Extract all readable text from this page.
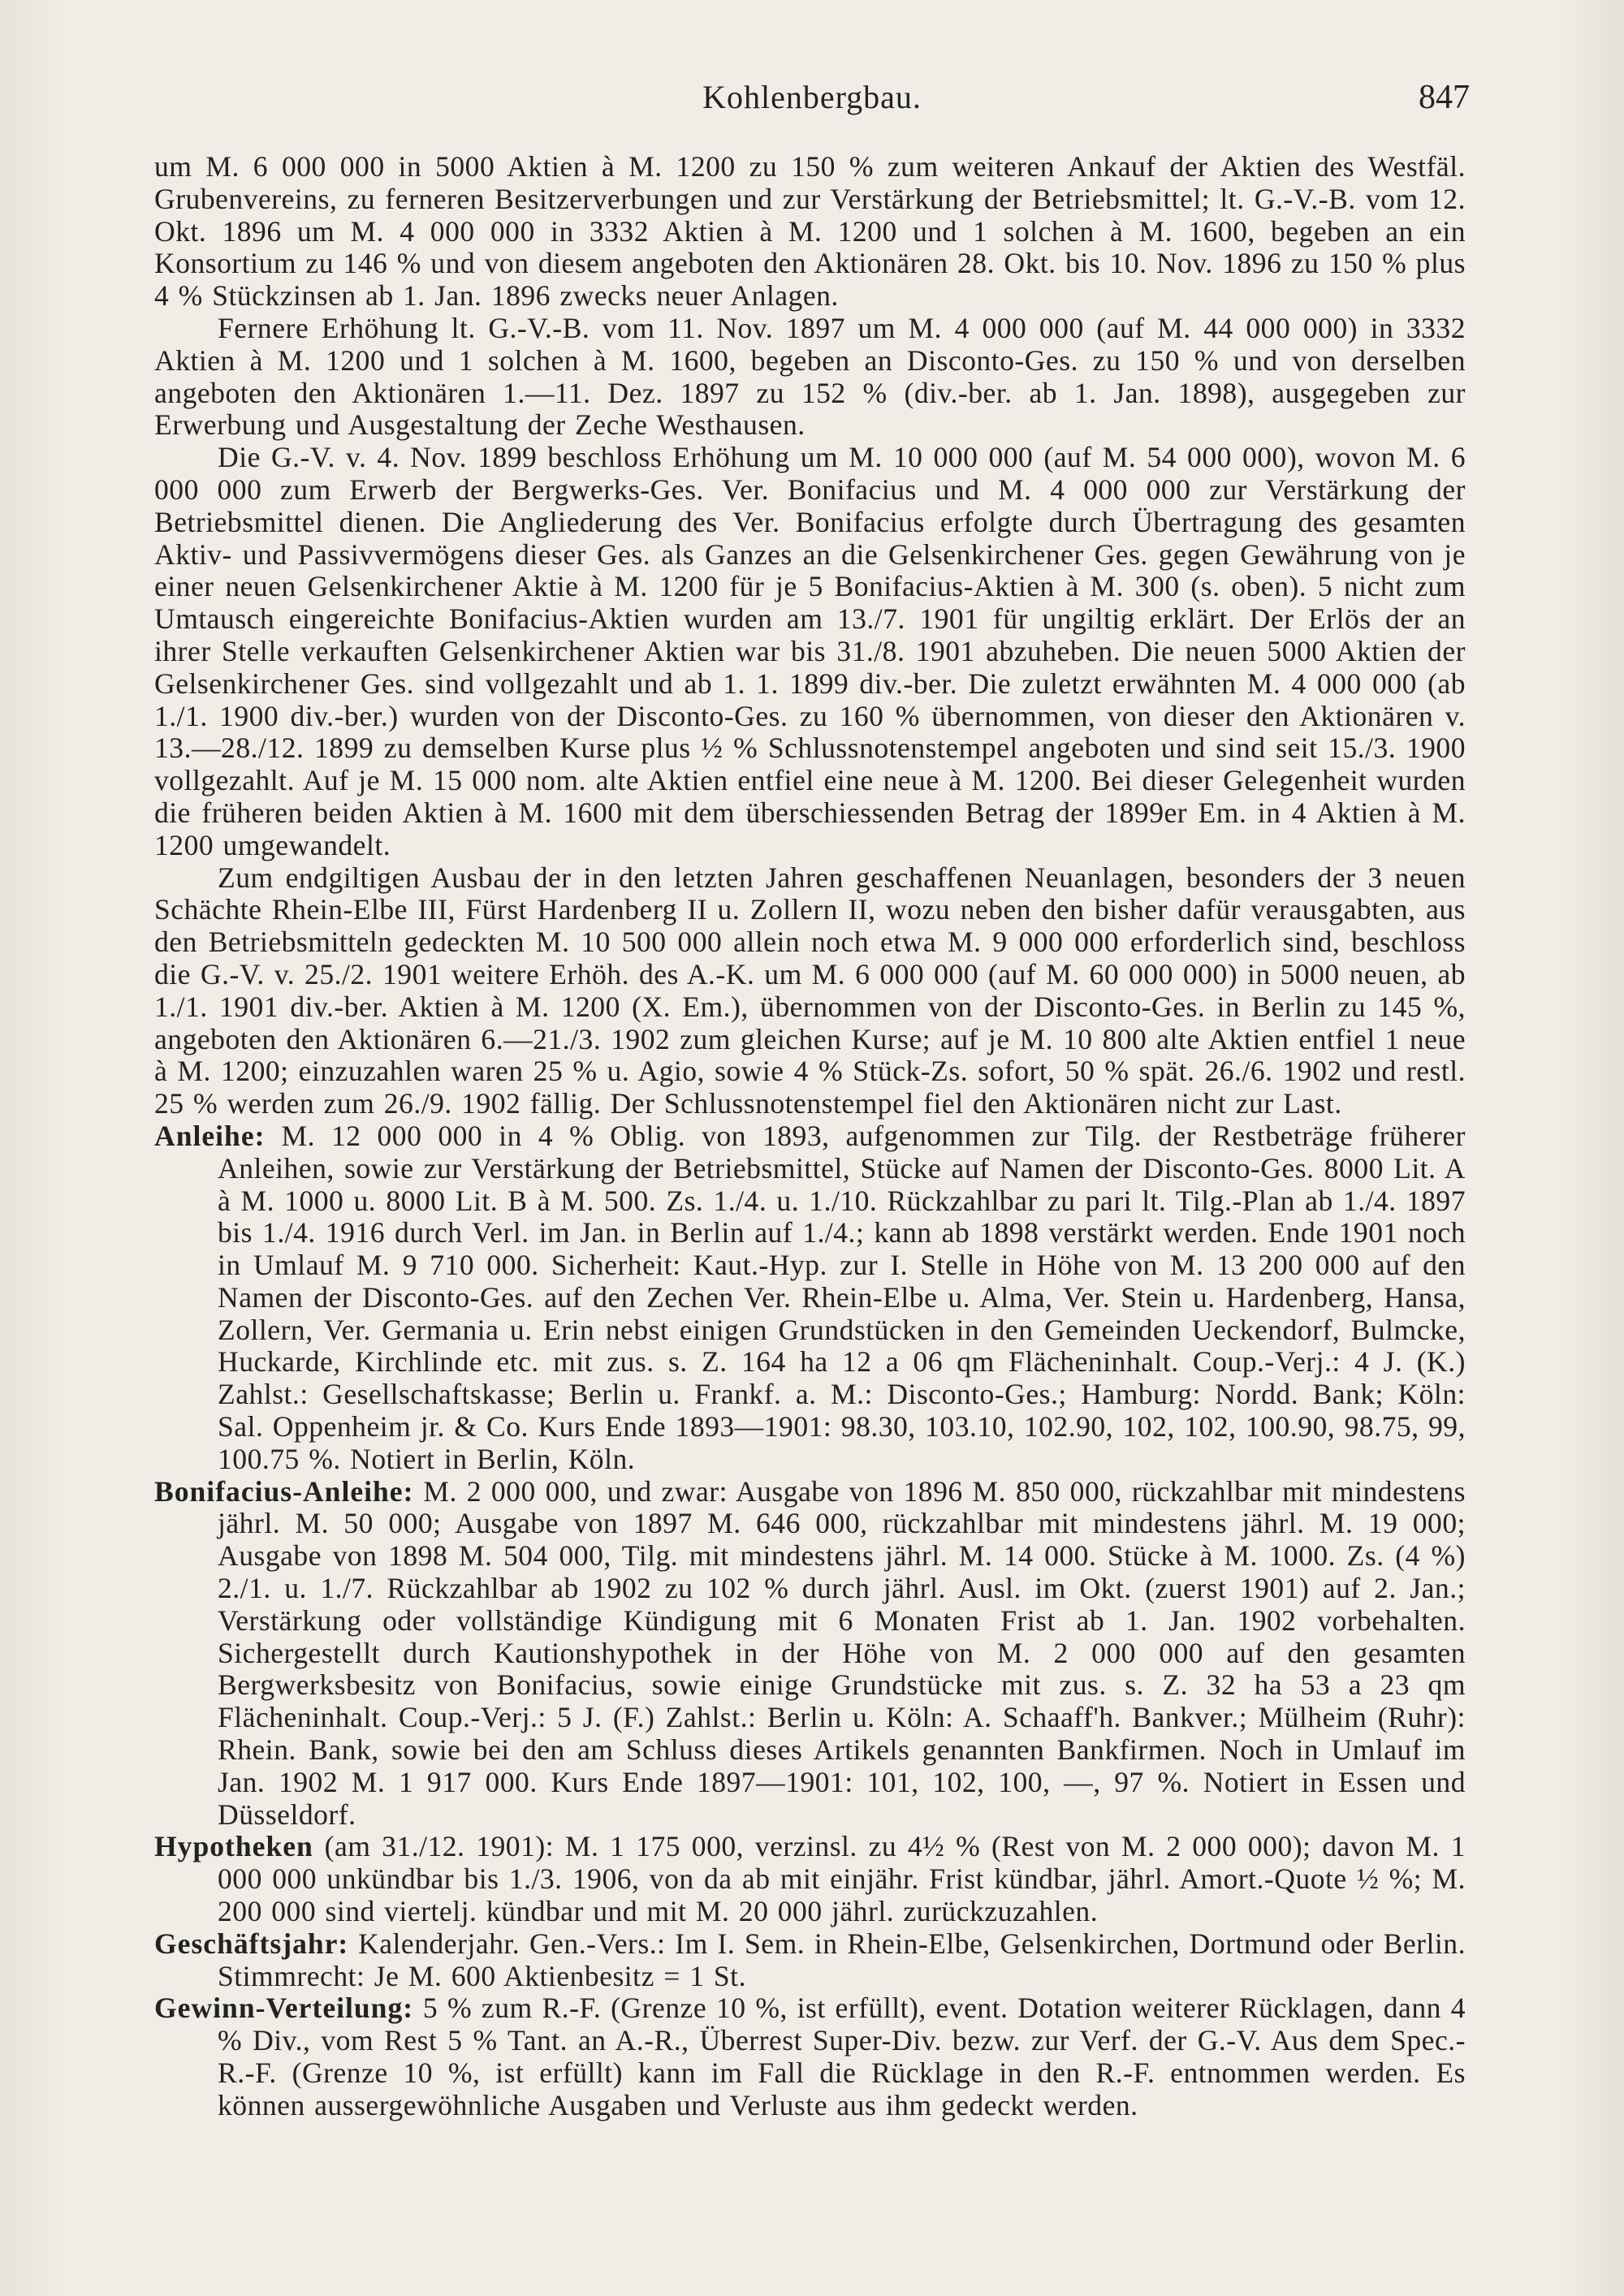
Kohlenbergbau.	847

um M. 6 000 000 in 5000 Aktien à M. 1200 zu 150 % zum weiteren Ankauf der Aktien des Westfäl. Grubenvereins, zu ferneren Besitzerverbungen und zur Verstärkung der Betriebsmittel; lt. G.-V.-B. vom 12. Okt. 1896 um M. 4 000 000 in 3332 Aktien à M. 1200 und 1 solchen à M. 1600, begeben an ein Konsortium zu 146 % und von diesem angeboten den Aktionären 28. Okt. bis 10. Nov. 1896 zu 150 % plus 4 % Stückzinsen ab 1. Jan. 1896 zwecks neuer Anlagen.

Fernere Erhöhung lt. G.-V.-B. vom 11. Nov. 1897 um M. 4 000 000 (auf M. 44 000 000) in 3332 Aktien à M. 1200 und 1 solchen à M. 1600, begeben an Disconto-Ges. zu 150 % und von derselben angeboten den Aktionären 1.—11. Dez. 1897 zu 152 % (div.-ber. ab 1. Jan. 1898), ausgegeben zur Erwerbung und Ausgestaltung der Zeche Westhausen.

Die G.-V. v. 4. Nov. 1899 beschloss Erhöhung um M. 10 000 000 (auf M. 54 000 000), wovon M. 6 000 000 zum Erwerb der Bergwerks-Ges. Ver. Bonifacius und M. 4 000 000 zur Verstärkung der Betriebsmittel dienen. Die Angliederung des Ver. Bonifacius erfolgte durch Übertragung des gesamten Aktiv- und Passivvermögens dieser Ges. als Ganzes an die Gelsenkirchener Ges. gegen Gewährung von je einer neuen Gelsenkirchener Aktie à M. 1200 für je 5 Bonifacius-Aktien à M. 300 (s. oben). 5 nicht zum Umtausch eingereichte Bonifacius-Aktien wurden am 13./7. 1901 für ungiltig erklärt. Der Erlös der an ihrer Stelle verkauften Gelsenkirchener Aktien war bis 31./8. 1901 abzuheben. Die neuen 5000 Aktien der Gelsenkirchener Ges. sind vollgezahlt und ab 1. 1. 1899 div.-ber. Die zuletzt erwähnten M. 4 000 000 (ab 1./1. 1900 div.-ber.) wurden von der Disconto-Ges. zu 160 % übernommen, von dieser den Aktionären v. 13.—28./12. 1899 zu demselben Kurse plus ½ % Schlussnotenstempel angeboten und sind seit 15./3. 1900 vollgezahlt. Auf je M. 15 000 nom. alte Aktien entfiel eine neue à M. 1200. Bei dieser Gelegenheit wurden die früheren beiden Aktien à M. 1600 mit dem überschiessenden Betrag der 1899er Em. in 4 Aktien à M. 1200 umgewandelt.

Zum endgiltigen Ausbau der in den letzten Jahren geschaffenen Neuanlagen, besonders der 3 neuen Schächte Rhein-Elbe III, Fürst Hardenberg II u. Zollern II, wozu neben den bisher dafür verausgabten, aus den Betriebsmitteln gedeckten M. 10 500 000 allein noch etwa M. 9 000 000 erforderlich sind, beschloss die G.-V. v. 25./2. 1901 weitere Erhöh. des A.-K. um M. 6 000 000 (auf M. 60 000 000) in 5000 neuen, ab 1./1. 1901 div.-ber. Aktien à M. 1200 (X. Em.), übernommen von der Disconto-Ges. in Berlin zu 145 %, angeboten den Aktionären 6.—21./3. 1902 zum gleichen Kurse; auf je M. 10 800 alte Aktien entfiel 1 neue à M. 1200; einzuzahlen waren 25 % u. Agio, sowie 4 % Stück-Zs. sofort, 50 % spät. 26./6. 1902 und restl. 25 % werden zum 26./9. 1902 fällig. Der Schlussnotenstempel fiel den Aktionären nicht zur Last.

Anleihe: M. 12 000 000 in 4 % Oblig. von 1893, aufgenommen zur Tilg. der Restbeträge früherer Anleihen, sowie zur Verstärkung der Betriebsmittel, Stücke auf Namen der Disconto-Ges. 8000 Lit. A à M. 1000 u. 8000 Lit. B à M. 500. Zs. 1./4. u. 1./10. Rückzahlbar zu pari lt. Tilg.-Plan ab 1./4. 1897 bis 1./4. 1916 durch Verl. im Jan. in Berlin auf 1./4.; kann ab 1898 verstärkt werden. Ende 1901 noch in Umlauf M. 9 710 000. Sicherheit: Kaut.-Hyp. zur I. Stelle in Höhe von M. 13 200 000 auf den Namen der Disconto-Ges. auf den Zechen Ver. Rhein-Elbe u. Alma, Ver. Stein u. Hardenberg, Hansa, Zollern, Ver. Germania u. Erin nebst einigen Grundstücken in den Gemeinden Ueckendorf, Bulmcke, Huckarde, Kirchlinde etc. mit zus. s. Z. 164 ha 12 a 06 qm Flächeninhalt. Coup.-Verj.: 4 J. (K.) Zahlst.: Gesellschaftskasse; Berlin u. Frankf. a. M.: Disconto-Ges.; Hamburg: Nordd. Bank; Köln: Sal. Oppenheim jr. & Co. Kurs Ende 1893—1901: 98.30, 103.10, 102.90, 102, 102, 100.90, 98.75, 99, 100.75 %. Notiert in Berlin, Köln.

Bonifacius-Anleihe: M. 2 000 000, und zwar: Ausgabe von 1896 M. 850 000, rückzahlbar mit mindestens jährl. M. 50 000; Ausgabe von 1897 M. 646 000, rückzahlbar mit mindestens jährl. M. 19 000; Ausgabe von 1898 M. 504 000, Tilg. mit mindestens jährl. M. 14 000. Stücke à M. 1000. Zs. (4 %) 2./1. u. 1./7. Rückzahlbar ab 1902 zu 102 % durch jährl. Ausl. im Okt. (zuerst 1901) auf 2. Jan.; Verstärkung oder vollständige Kündigung mit 6 Monaten Frist ab 1. Jan. 1902 vorbehalten. Sichergestellt durch Kautionshypothek in der Höhe von M. 2 000 000 auf den gesamten Bergwerksbesitz von Bonifacius, sowie einige Grundstücke mit zus. s. Z. 32 ha 53 a 23 qm Flächeninhalt. Coup.-Verj.: 5 J. (F.) Zahlst.: Berlin u. Köln: A. Schaaff'h. Bankver.; Mülheim (Ruhr): Rhein. Bank, sowie bei den am Schluss dieses Artikels genannten Bankfirmen. Noch in Umlauf im Jan. 1902 M. 1 917 000. Kurs Ende 1897—1901: 101, 102, 100, —, 97 %. Notiert in Essen und Düsseldorf.

Hypotheken (am 31./12. 1901): M. 1 175 000, verzinsl. zu 4½ % (Rest von M. 2 000 000); davon M. 1 000 000 unkündbar bis 1./3. 1906, von da ab mit einjähr. Frist kündbar, jährl. Amort.-Quote ½ %; M. 200 000 sind viertelj. kündbar und mit M. 20 000 jährl. zurückzuzahlen.

Geschäftsjahr: Kalenderjahr. Gen.-Vers.: Im I. Sem. in Rhein-Elbe, Gelsenkirchen, Dortmund oder Berlin. Stimmrecht: Je M. 600 Aktienbesitz = 1 St.

Gewinn-Verteilung: 5 % zum R.-F. (Grenze 10 %, ist erfüllt), event. Dotation weiterer Rücklagen, dann 4 % Div., vom Rest 5 % Tant. an A.-R., Überrest Super-Div. bezw. zur Verf. der G.-V. Aus dem Spec.-R.-F. (Grenze 10 %, ist erfüllt) kann im Fall die Rücklage in den R.-F. entnommen werden. Es können aussergewöhnliche Ausgaben und Verluste aus ihm gedeckt werden.
